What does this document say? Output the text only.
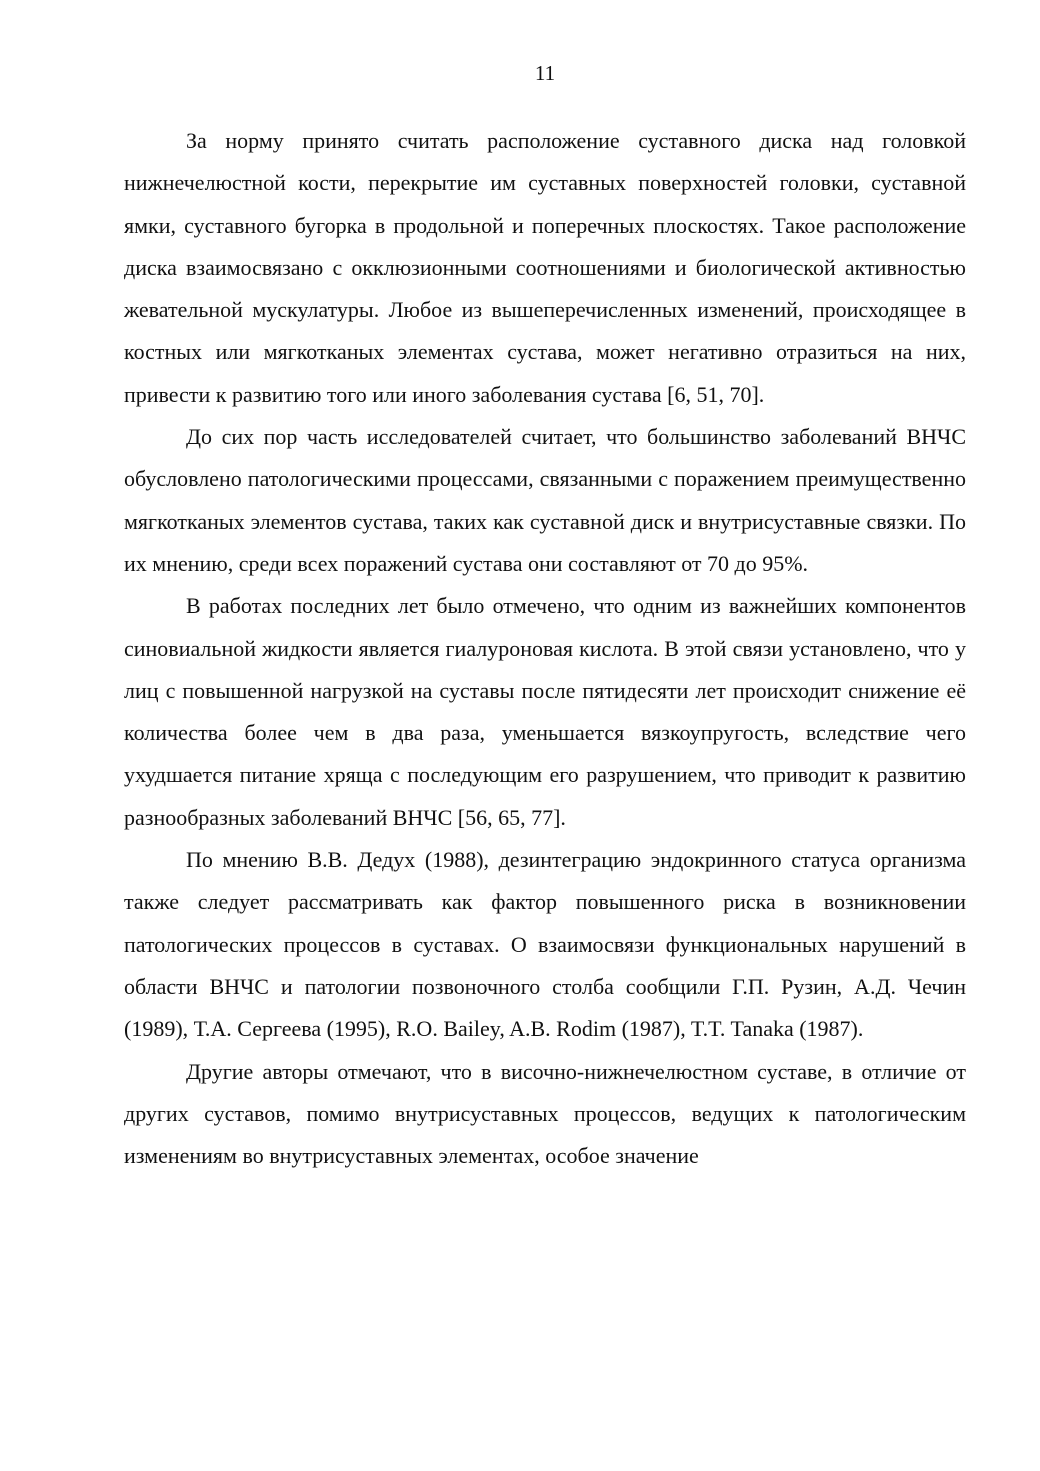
11

За норму принято считать расположение суставного диска над головкой нижнечелюстной кости, перекрытие им суставных поверхностей головки, суставной ямки, суставного бугорка в продольной и поперечных плоскостях. Такое расположение диска взаимосвязано с окклюзионными соотношениями и биологической активностью жевательной мускулатуры. Любое из вышеперечисленных изменений, происходящее в костных или мягкотканых элементах сустава, может негативно отразиться на них, привести к развитию того или иного заболевания сустава [6, 51, 70].

До сих пор часть исследователей считает, что большинство заболеваний ВНЧС обусловлено патологическими процессами, связанными с поражением преимущественно мягкотканых элементов сустава, таких как суставной диск и внутрисуставные связки. По их мнению, среди всех поражений сустава они составляют от 70 до 95%.

В работах последних лет было отмечено, что одним из важнейших компонентов синовиальной жидкости является гиалуроновая кислота. В этой связи установлено, что у лиц с повышенной нагрузкой на суставы после пятидесяти лет происходит снижение её количества более чем в два раза, уменьшается вязкоупругость, вследствие чего ухудшается питание хряща с последующим его разрушением, что приводит к развитию разнообразных заболеваний ВНЧС [56, 65, 77].

По мнению В.В. Дедух (1988), дезинтеграцию эндокринного статуса организма также следует рассматривать как фактор повышенного риска в возникновении патологических процессов в суставах. О взаимосвязи функциональных нарушений в области ВНЧС и патологии позвоночного столба сообщили Г.П. Рузин, А.Д. Чечин (1989), Т.А. Сергеева (1995), R.O. Bailey, A.B. Rodim (1987), T.T. Tanaka (1987).

Другие авторы отмечают, что в височно-нижнечелюстном суставе, в отличие от других суставов, помимо внутрисуставных процессов, ведущих к патологическим изменениям во внутрисуставных элементах, особое значение
